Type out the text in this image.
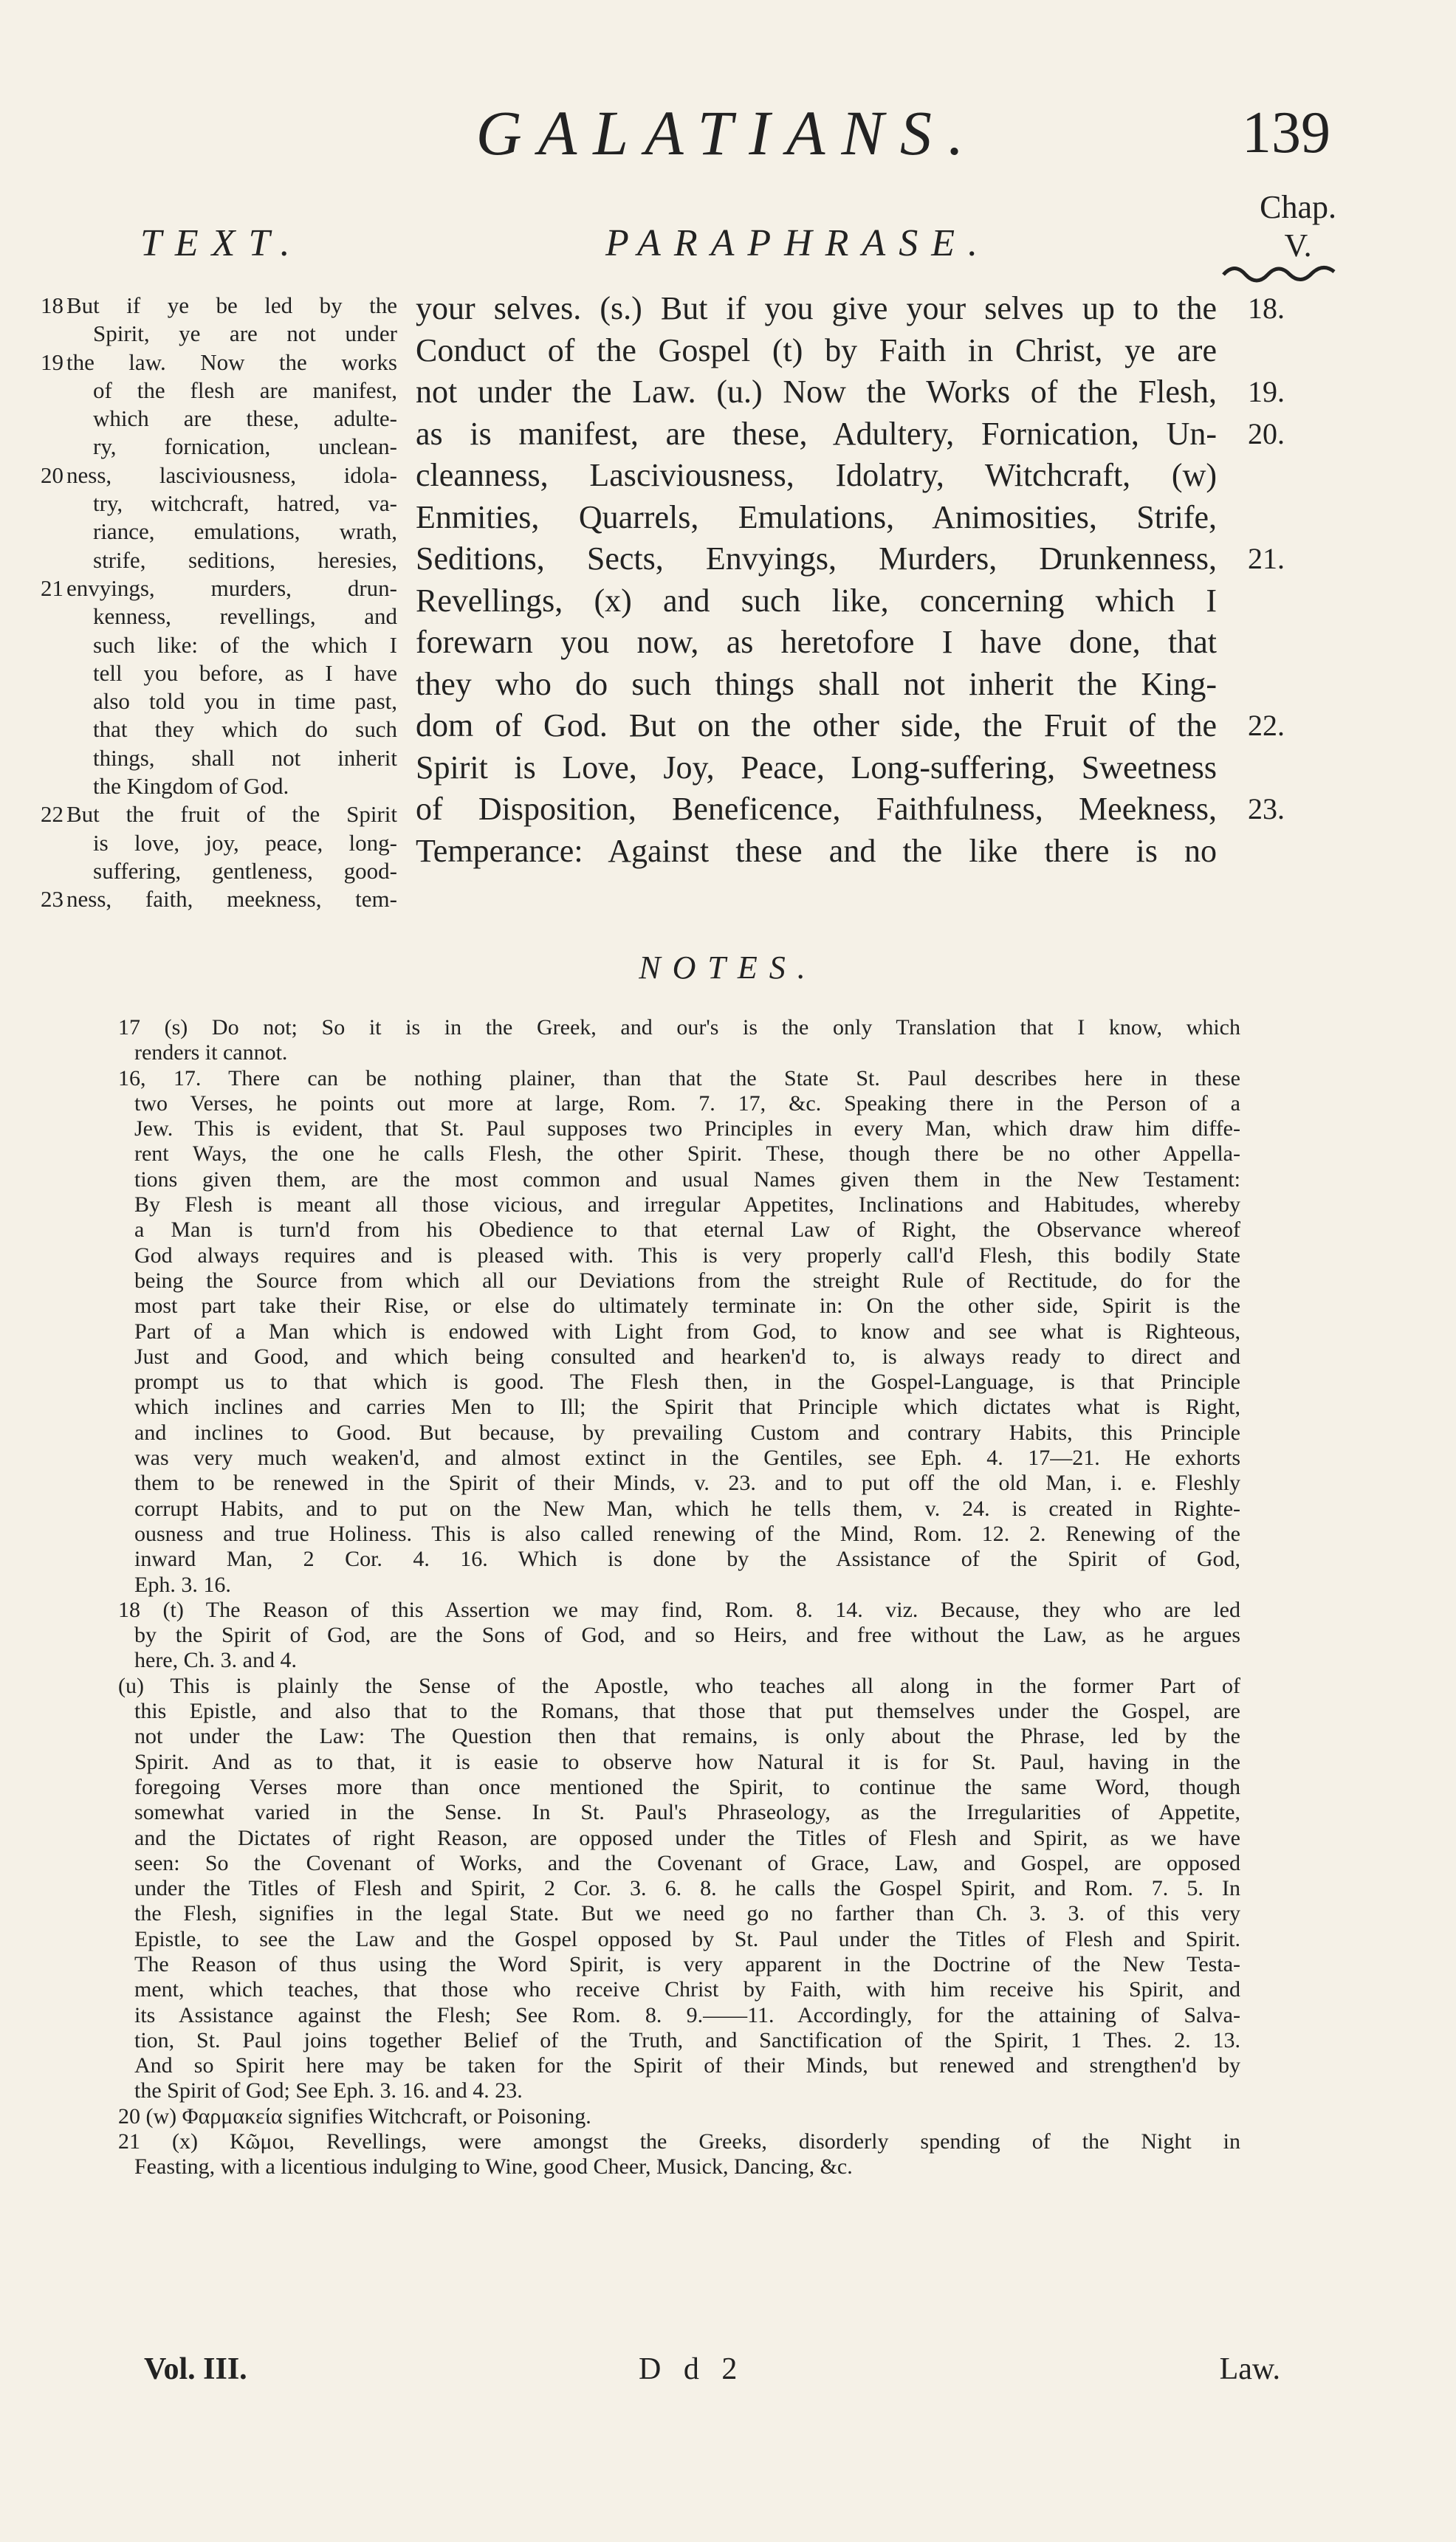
GALATIANS.	139
Chap.
V.
TEXT.	PARAPHRASE.
18 But if ye be led by the
Spirit, ye are not under
19 the law. Now the works
of the flesh are manifest,
which are these, adulte-
ry, fornication, unclean-
20 ness, lasciviousness, idola-
try, witchcraft, hatred, va-
riance, emulations, wrath,
strife, seditions, heresies,
21 envyings, murders, drun-
kenness, revellings, and
such like: of the which I
tell you before, as I have
also told you in time past,
that they which do such
things, shall not inherit
the Kingdom of God.
22 But the fruit of the Spirit
is love, joy, peace, long-
suffering, gentleness, good-
23 ness, faith, meekness, tem-
your selves. (s.) But if you give your selves up to the
Conduct of the Gospel (t) by Faith in Christ, ye are
not under the Law. (u.) Now the Works of the Flesh,
as is manifest, are these, Adultery, Fornication, Un-
cleanness, Lasciviousness, Idolatry, Witchcraft, (w)
Enmities, Quarrels, Emulations, Animosities, Strife,
Seditions, Sects, Envyings, Murders, Drunkenness,
Revellings, (x) and such like, concerning which I
forewarn you now, as heretofore I have done, that
they who do such things shall not inherit the King-
dom of God. But on the other side, the Fruit of the
Spirit is Love, Joy, Peace, Long-suffering, Sweetness
of Disposition, Beneficence, Faithfulness, Meekness,
Temperance: Against these and the like there is no
18.
19.
20.
21.
22.
23.
NOTES.
17 (s) Do not; So it is in the Greek, and our's is the only Translation that I know, which
renders it cannot.
16, 17. There can be nothing plainer, than that the State St. Paul describes here in these
two Verses, he points out more at large, Rom. 7. 17, &c. Speaking there in the Person of a
Jew. This is evident, that St. Paul supposes two Principles in every Man, which draw him diffe-
rent Ways, the one he calls Flesh, the other Spirit. These, though there be no other Appella-
tions given them, are the most common and usual Names given them in the New Testament:
By Flesh is meant all those vicious, and irregular Appetites, Inclinations and Habitudes, whereby
a Man is turn'd from his Obedience to that eternal Law of Right, the Observance whereof
God always requires and is pleased with. This is very properly call'd Flesh, this bodily State
being the Source from which all our Deviations from the streight Rule of Rectitude, do for the
most part take their Rise, or else do ultimately terminate in: On the other side, Spirit is the
Part of a Man which is endowed with Light from God, to know and see what is Righteous,
Just and Good, and which being consulted and hearken'd to, is always ready to direct and
prompt us to that which is good. The Flesh then, in the Gospel-Language, is that Principle
which inclines and carries Men to Ill; the Spirit that Principle which dictates what is Right,
and inclines to Good. But because, by prevailing Custom and contrary Habits, this Principle
was very much weaken'd, and almost extinct in the Gentiles, see Eph. 4. 17—21. He exhorts
them to be renewed in the Spirit of their Minds, v. 23. and to put off the old Man, i. e. Fleshly
corrupt Habits, and to put on the New Man, which he tells them, v. 24. is created in Righte-
ousness and true Holiness. This is also called renewing of the Mind, Rom. 12. 2. Renewing of the
inward Man, 2 Cor. 4. 16. Which is done by the Assistance of the Spirit of God,
Eph. 3. 16.
18 (t) The Reason of this Assertion we may find, Rom. 8. 14. viz. Because, they who are led
by the Spirit of God, are the Sons of God, and so Heirs, and free without the Law, as he argues
here, Ch. 3. and 4.
(u) This is plainly the Sense of the Apostle, who teaches all along in the former Part of
this Epistle, and also that to the Romans, that those that put themselves under the Gospel, are
not under the Law: The Question then that remains, is only about the Phrase, led by the
Spirit. And as to that, it is easie to observe how Natural it is for St. Paul, having in the
foregoing Verses more than once mentioned the Spirit, to continue the same Word, though
somewhat varied in the Sense. In St. Paul's Phraseology, as the Irregularities of Appetite,
and the Dictates of right Reason, are opposed under the Titles of Flesh and Spirit, as we have
seen: So the Covenant of Works, and the Covenant of Grace, Law, and Gospel, are opposed
under the Titles of Flesh and Spirit, 2 Cor. 3. 6. 8. he calls the Gospel Spirit, and Rom. 7. 5. In
the Flesh, signifies in the legal State. But we need go no farther than Ch. 3. 3. of this very
Epistle, to see the Law and the Gospel opposed by St. Paul under the Titles of Flesh and Spirit.
The Reason of thus using the Word Spirit, is very apparent in the Doctrine of the New Testa-
ment, which teaches, that those who receive Christ by Faith, with him receive his Spirit, and
its Assistance against the Flesh; See Rom. 8. 9.——11. Accordingly, for the attaining of Salva-
tion, St. Paul joins together Belief of the Truth, and Sanctification of the Spirit, 1 Thes. 2. 13.
And so Spirit here may be taken for the Spirit of their Minds, but renewed and strengthen'd by
the Spirit of God; See Eph. 3. 16. and 4. 23.
20 (w) Φαρμακεία signifies Witchcraft, or Poisoning.
21 (x) Κῶμοι, Revellings, were amongst the Greeks, disorderly spending of the Night in
Feasting, with a licentious indulging to Wine, good Cheer, Musick, Dancing, &c.
Vol. III.	D d 2	Law.
